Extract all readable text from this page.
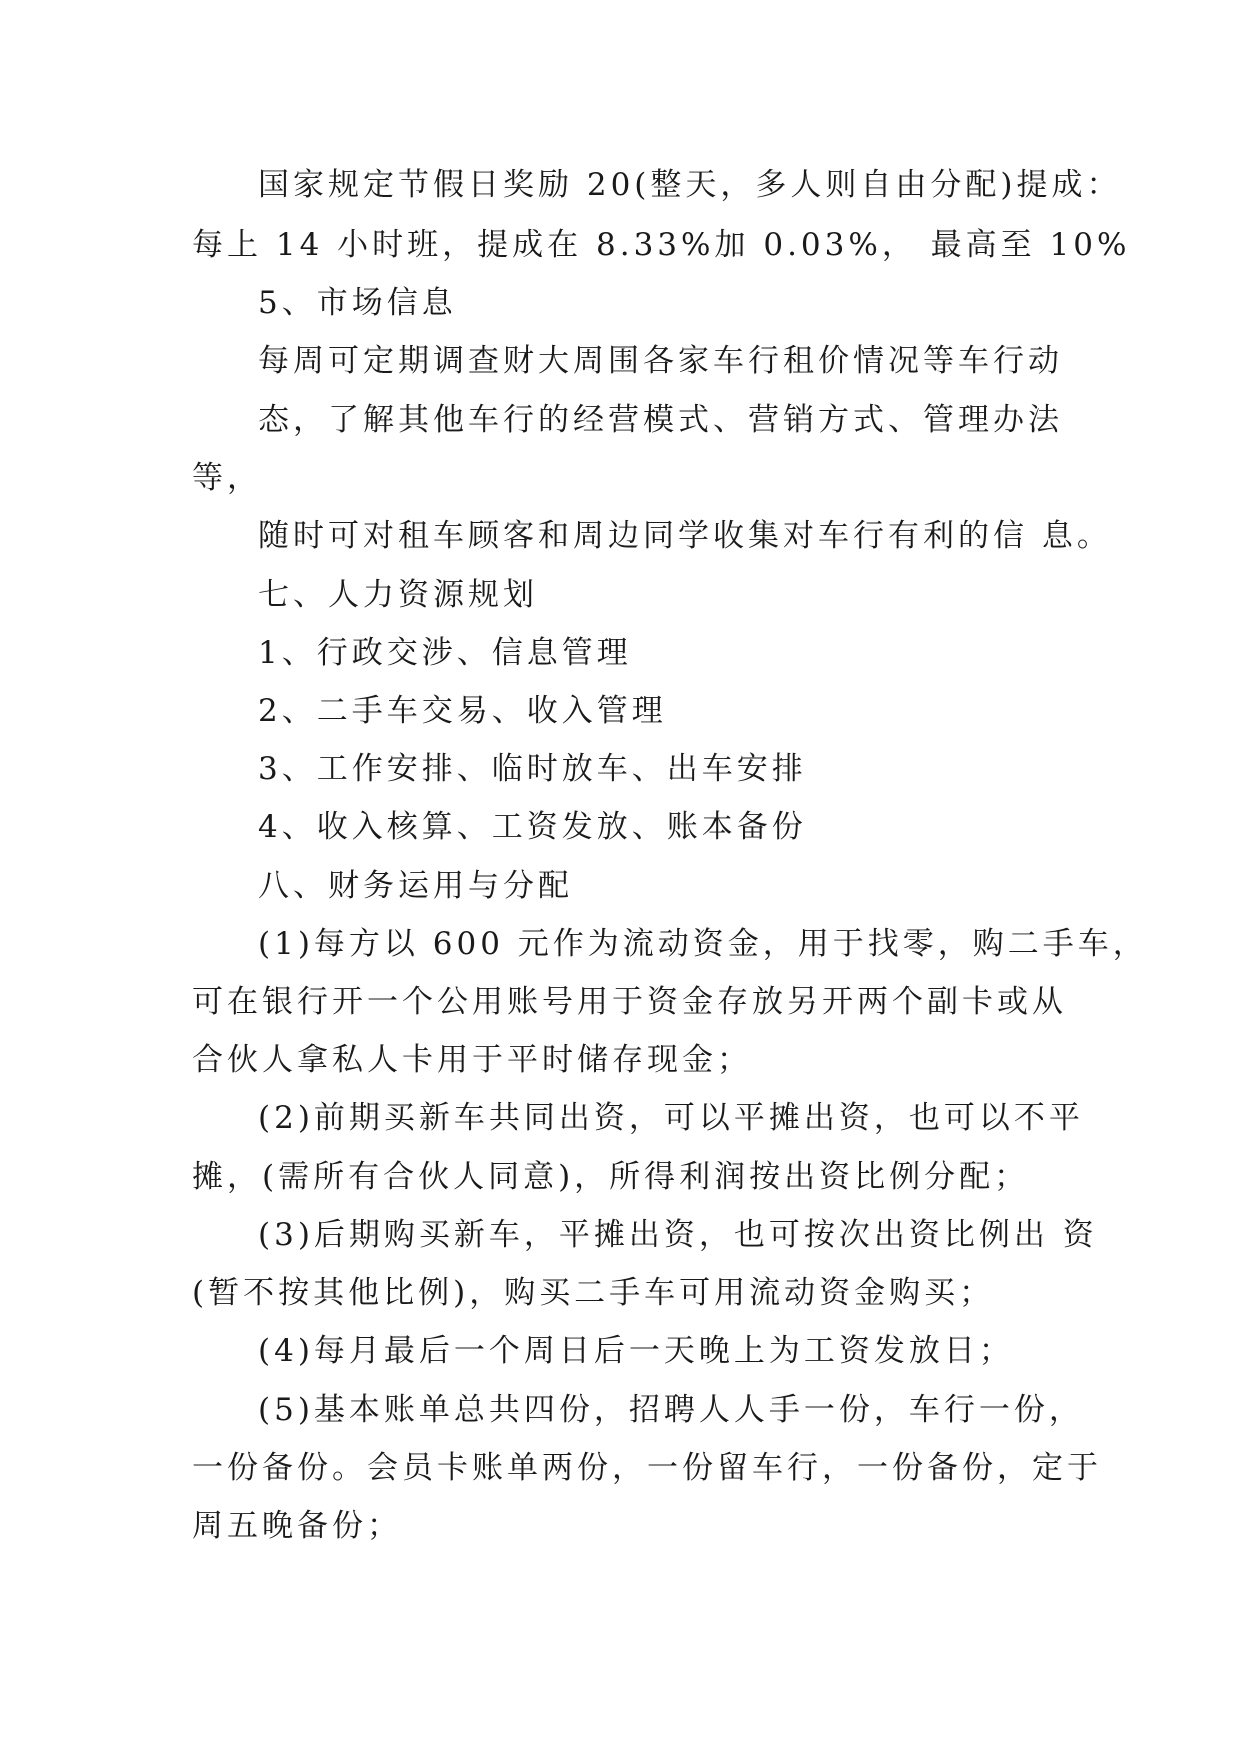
国家规定节假日奖励 20(整天，多人则自由分配)提成：
每上 14 小时班，提成在 8.33%加 0.03%， 最高至 10%
5、市场信息
每周可定期调查财大周围各家车行租价情况等车行动
态，了解其他车行的经营模式、营销方式、管理办法
等，
随时可对租车顾客和周边同学收集对车行有利的信 息。
七、人力资源规划
1、行政交涉、信息管理
2、二手车交易、收入管理
3、工作安排、临时放车、出车安排
4、收入核算、工资发放、账本备份
八、财务运用与分配
(1)每方以 600 元作为流动资金，用于找零，购二手车，
可在银行开一个公用账号用于资金存放另开两个副卡或从
合伙人拿私人卡用于平时储存现金；
(2)前期买新车共同出资，可以平摊出资，也可以不平
摊，(需所有合伙人同意)，所得利润按出资比例分配；
(3)后期购买新车，平摊出资，也可按次出资比例出 资
(暂不按其他比例)，购买二手车可用流动资金购买；
(4)每月最后一个周日后一天晚上为工资发放日；
(5)基本账单总共四份，招聘人人手一份，车行一份，
一份备份。会员卡账单两份，一份留车行，一份备份，定于
周五晚备份；
